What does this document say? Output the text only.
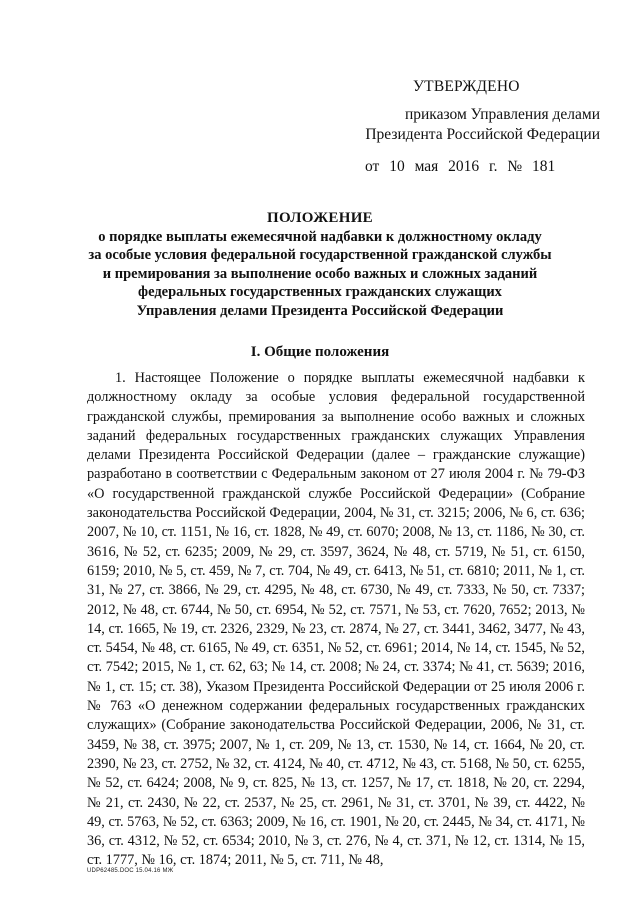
УТВЕРЖДЕНО
приказом Управления делами
Президента Российской Федерации
от 10 мая 2016 г. № 181
ПОЛОЖЕНИЕ
о порядке выплаты ежемесячной надбавки к должностному окладу
за особые условия федеральной государственной гражданской службы
и премирования за выполнение особо важных и сложных заданий
федеральных государственных гражданских служащих
Управления делами Президента Российской Федерации
I. Общие положения

1. Настоящее Положение о порядке выплаты ежемесячной надбавки к должностному окладу за особые условия федеральной государственной гражданской службы, премирования за выполнение особо важных и сложных заданий федеральных государственных гражданских служащих Управления делами Президента Российской Федерации (далее – гражданские служащие) разработано в соответствии с Федеральным законом от 27 июля 2004 г. № 79-ФЗ «О государственной гражданской службе Российской Федерации» (Собрание законодательства Российской Федерации, 2004, № 31, ст. 3215; 2006, № 6, ст. 636; 2007, № 10, ст. 1151, № 16, ст. 1828, № 49, ст. 6070; 2008, № 13, ст. 1186, № 30, ст. 3616, № 52, ст. 6235; 2009, № 29, ст. 3597, 3624, № 48, ст. 5719, № 51, ст. 6150, 6159; 2010, № 5, ст. 459, № 7, ст. 704, № 49, ст. 6413, № 51, ст. 6810; 2011, № 1, ст. 31, № 27, ст. 3866, № 29, ст. 4295, № 48, ст. 6730, № 49, ст. 7333, № 50, ст. 7337; 2012, № 48, ст. 6744, № 50, ст. 6954, № 52, ст. 7571, № 53, ст. 7620, 7652; 2013, № 14, ст. 1665, № 19, ст. 2326, 2329, № 23, ст. 2874, № 27, ст. 3441, 3462, 3477, № 43, ст. 5454, № 48, ст. 6165, № 49, ст. 6351, № 52, ст. 6961; 2014, № 14, ст. 1545, № 52, ст. 7542; 2015, № 1, ст. 62, 63; № 14, ст. 2008; № 24, ст. 3374; № 41, ст. 5639; 2016, № 1, ст. 15; ст. 38), Указом Президента Российской Федерации от 25 июля 2006 г. № 763 «О денежном содержании федеральных государственных гражданских служащих» (Собрание законодательства Российской Федерации, 2006, № 31, ст. 3459, № 38, ст. 3975; 2007, № 1, ст. 209, № 13, ст. 1530, № 14, ст. 1664, № 20, ст. 2390, № 23, ст. 2752, № 32, ст. 4124, № 40, ст. 4712, № 43, ст. 5168, № 50, ст. 6255, № 52, ст. 6424; 2008, № 9, ст. 825, № 13, ст. 1257, № 17, ст. 1818, № 20, ст. 2294, № 21, ст. 2430, № 22, ст. 2537, № 25, ст. 2961, № 31, ст. 3701, № 39, ст. 4422, № 49, ст. 5763, № 52, ст. 6363; 2009, № 16, ст. 1901, № 20, ст. 2445, № 34, ст. 4171, № 36, ст. 4312, № 52, ст. 6534; 2010, № 3, ст. 276, № 4, ст. 371, № 12, ст. 1314, № 15, ст. 1777, № 16, ст. 1874; 2011, № 5, ст. 711, № 48,

UDP62485.DOC 15.04.16 МЖ
